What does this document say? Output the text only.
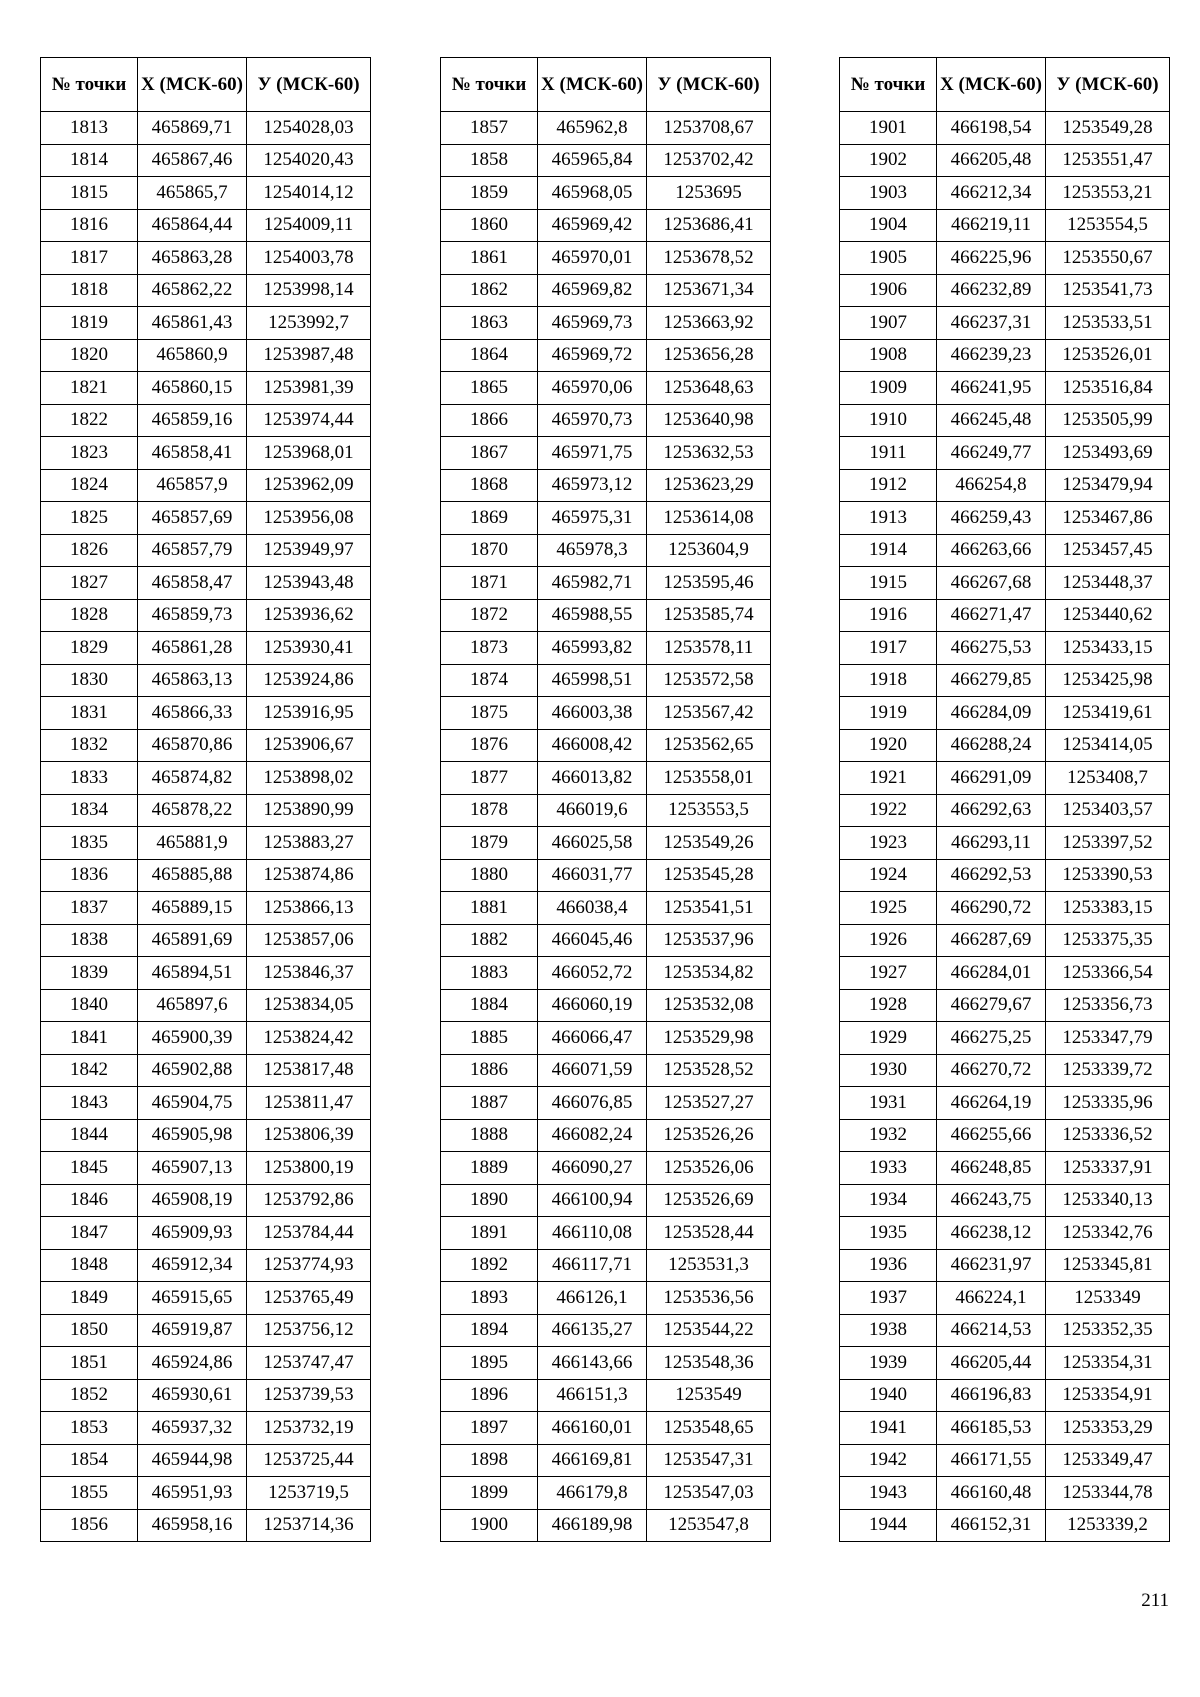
№ точки	X (МСК-60)	У (МСК-60)
1813	465869,71	1254028,03
1814	465867,46	1254020,43
1815	465865,7	1254014,12
1816	465864,44	1254009,11
1817	465863,28	1254003,78
1818	465862,22	1253998,14
1819	465861,43	1253992,7
1820	465860,9	1253987,48
1821	465860,15	1253981,39
1822	465859,16	1253974,44
1823	465858,41	1253968,01
1824	465857,9	1253962,09
1825	465857,69	1253956,08
1826	465857,79	1253949,97
1827	465858,47	1253943,48
1828	465859,73	1253936,62
1829	465861,28	1253930,41
1830	465863,13	1253924,86
1831	465866,33	1253916,95
1832	465870,86	1253906,67
1833	465874,82	1253898,02
1834	465878,22	1253890,99
1835	465881,9	1253883,27
1836	465885,88	1253874,86
1837	465889,15	1253866,13
1838	465891,69	1253857,06
1839	465894,51	1253846,37
1840	465897,6	1253834,05
1841	465900,39	1253824,42
1842	465902,88	1253817,48
1843	465904,75	1253811,47
1844	465905,98	1253806,39
1845	465907,13	1253800,19
1846	465908,19	1253792,86
1847	465909,93	1253784,44
1848	465912,34	1253774,93
1849	465915,65	1253765,49
1850	465919,87	1253756,12
1851	465924,86	1253747,47
1852	465930,61	1253739,53
1853	465937,32	1253732,19
1854	465944,98	1253725,44
1855	465951,93	1253719,5
1856	465958,16	1253714,36
№ точки	X (МСК-60)	У (МСК-60)
1857	465962,8	1253708,67
1858	465965,84	1253702,42
1859	465968,05	1253695
1860	465969,42	1253686,41
1861	465970,01	1253678,52
1862	465969,82	1253671,34
1863	465969,73	1253663,92
1864	465969,72	1253656,28
1865	465970,06	1253648,63
1866	465970,73	1253640,98
1867	465971,75	1253632,53
1868	465973,12	1253623,29
1869	465975,31	1253614,08
1870	465978,3	1253604,9
1871	465982,71	1253595,46
1872	465988,55	1253585,74
1873	465993,82	1253578,11
1874	465998,51	1253572,58
1875	466003,38	1253567,42
1876	466008,42	1253562,65
1877	466013,82	1253558,01
1878	466019,6	1253553,5
1879	466025,58	1253549,26
1880	466031,77	1253545,28
1881	466038,4	1253541,51
1882	466045,46	1253537,96
1883	466052,72	1253534,82
1884	466060,19	1253532,08
1885	466066,47	1253529,98
1886	466071,59	1253528,52
1887	466076,85	1253527,27
1888	466082,24	1253526,26
1889	466090,27	1253526,06
1890	466100,94	1253526,69
1891	466110,08	1253528,44
1892	466117,71	1253531,3
1893	466126,1	1253536,56
1894	466135,27	1253544,22
1895	466143,66	1253548,36
1896	466151,3	1253549
1897	466160,01	1253548,65
1898	466169,81	1253547,31
1899	466179,8	1253547,03
1900	466189,98	1253547,8
№ точки	X (МСК-60)	У (МСК-60)
1901	466198,54	1253549,28
1902	466205,48	1253551,47
1903	466212,34	1253553,21
1904	466219,11	1253554,5
1905	466225,96	1253550,67
1906	466232,89	1253541,73
1907	466237,31	1253533,51
1908	466239,23	1253526,01
1909	466241,95	1253516,84
1910	466245,48	1253505,99
1911	466249,77	1253493,69
1912	466254,8	1253479,94
1913	466259,43	1253467,86
1914	466263,66	1253457,45
1915	466267,68	1253448,37
1916	466271,47	1253440,62
1917	466275,53	1253433,15
1918	466279,85	1253425,98
1919	466284,09	1253419,61
1920	466288,24	1253414,05
1921	466291,09	1253408,7
1922	466292,63	1253403,57
1923	466293,11	1253397,52
1924	466292,53	1253390,53
1925	466290,72	1253383,15
1926	466287,69	1253375,35
1927	466284,01	1253366,54
1928	466279,67	1253356,73
1929	466275,25	1253347,79
1930	466270,72	1253339,72
1931	466264,19	1253335,96
1932	466255,66	1253336,52
1933	466248,85	1253337,91
1934	466243,75	1253340,13
1935	466238,12	1253342,76
1936	466231,97	1253345,81
1937	466224,1	1253349
1938	466214,53	1253352,35
1939	466205,44	1253354,31
1940	466196,83	1253354,91
1941	466185,53	1253353,29
1942	466171,55	1253349,47
1943	466160,48	1253344,78
1944	466152,31	1253339,2
211
